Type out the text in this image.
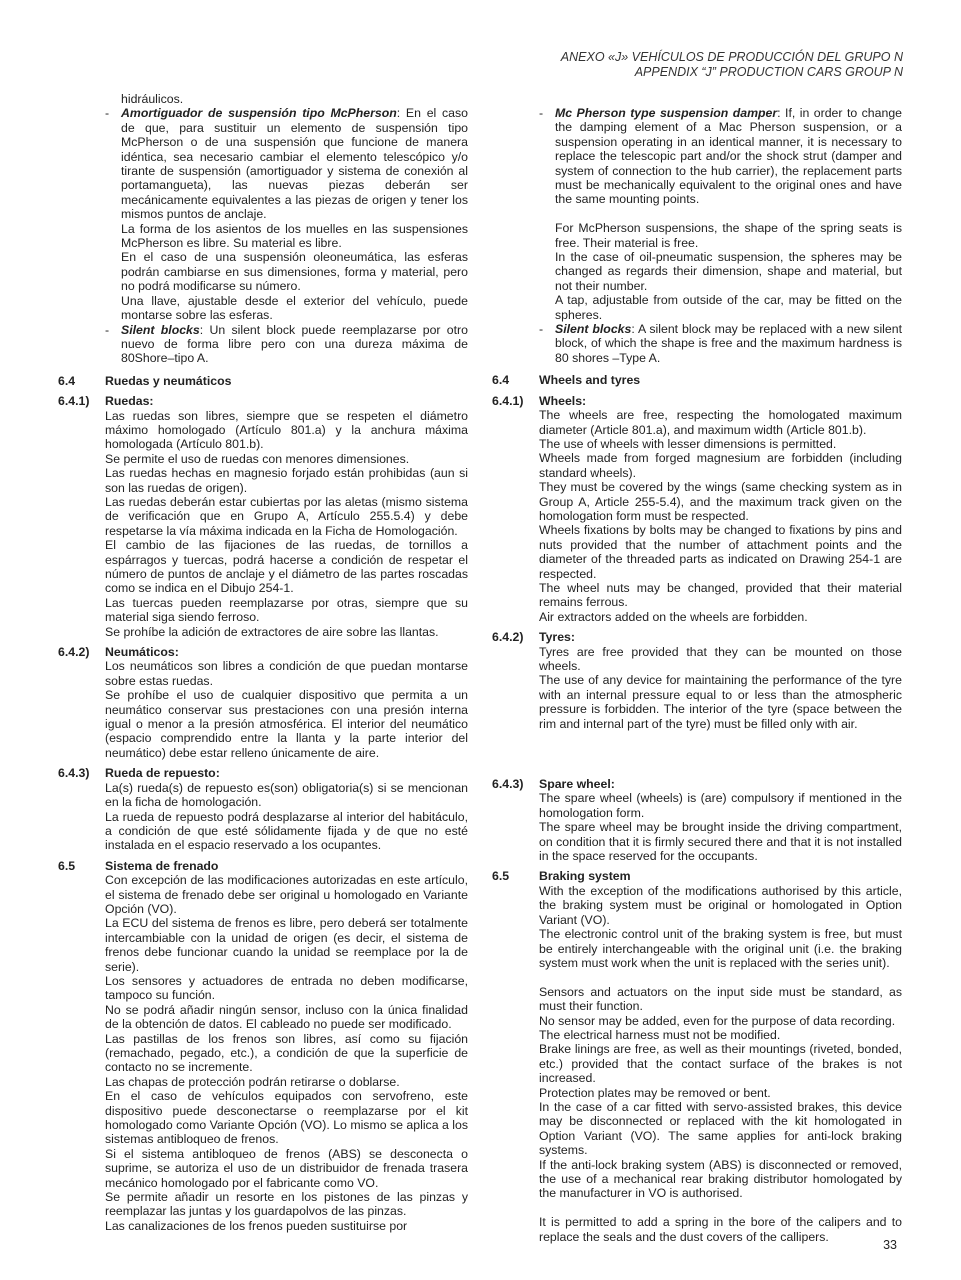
ANEXO «J» VEHÍCULOS DE PRODUCCIÓN DEL GRUPO N
APPENDIX “J” PRODUCTION CARS GROUP N

hidráulicos.

- Amortiguador de suspensión tipo McPherson: En el caso de que, para sustituir un elemento de suspensión tipo McPherson o de una suspensión que funcione de manera idéntica, sea necesario cambiar el elemento telescópico y/o tirante de suspensión (amortiguador y sistema de conexión al portamangueta), las nuevas piezas deberán ser mecánicamente equivalentes a las piezas de origen y tener los mismos puntos de anclaje.

La forma de los asientos de los muelles en las suspensiones McPherson es libre. Su material es libre.

En el caso de una suspensión oleoneumática, las esferas podrán cambiarse en sus dimensiones, forma y material, pero no podrá modificarse su número.

Una llave, ajustable desde el exterior del vehículo, puede montarse sobre las esferas.

- Silent blocks: Un silent block puede reemplazarse por otro nuevo de forma libre pero con una dureza máxima de 80Shore–tipo A.

6.4	Ruedas y neumáticos
6.4.1)	Ruedas:

Las ruedas son libres, siempre que se respeten el diámetro máximo homologado (Artículo 801.a) y la anchura máxima homologada (Artículo 801.b).

Se permite el uso de ruedas con menores dimensiones.

Las ruedas hechas en magnesio forjado están prohibidas (aun si son las ruedas de origen).

Las ruedas deberán estar cubiertas por las aletas (mismo sistema de verificación que en Grupo A, Artículo 255.5.4) y debe respetarse la vía máxima indicada en la Ficha de Homologación.

El cambio de las fijaciones de las ruedas, de tornillos a espárragos y tuercas, podrá hacerse a condición de respetar el número de puntos de anclaje y el diámetro de las partes roscadas como se indica en el Dibujo 254-1.

Las tuercas pueden reemplazarse por otras, siempre que su material siga siendo ferroso.

Se prohíbe la adición de extractores de aire sobre las llantas.

6.4.2)	Neumáticos:

Los neumáticos son libres a condición de que puedan montarse sobre estas ruedas.

Se prohíbe el uso de cualquier dispositivo que permita a un neumático conservar sus prestaciones con una presión interna igual o menor a la presión atmosférica. El interior del neumático (espacio comprendido entre la llanta y la parte interior del neumático) debe estar relleno únicamente de aire.

6.4.3)	Rueda de repuesto:

La(s) rueda(s) de repuesto es(son) obligatoria(s) si se mencionan en la ficha de homologación.

La rueda de repuesto podrá desplazarse al interior del habitáculo, a condición de que esté sólidamente fijada y de que no esté instalada en el espacio reservado a los ocupantes.

6.5	Sistema de frenado

Con excepción de las modificaciones autorizadas en este artículo, el sistema de frenado debe ser original u homologado en Variante Opción (VO).

La ECU del sistema de frenos es libre, pero deberá ser totalmente intercambiable con la unidad de origen (es decir, el sistema de frenos debe funcionar cuando la unidad se reemplace por la de serie).

Los sensores y actuadores de entrada no deben modificarse, tampoco su función.

No se podrá añadir ningún sensor, incluso con la única finalidad de la obtención de datos. El cableado no puede ser modificado.

Las pastillas de los frenos son libres, así como su fijación (remachado, pegado, etc.), a condición de que la superficie de contacto no se incremente.

Las chapas de protección podrán retirarse o doblarse.

En el caso de vehículos equipados con servofreno, este dispositivo puede desconectarse o reemplazarse por el kit homologado como Variante Opción (VO). Lo mismo se aplica a los sistemas antibloqueo de frenos.

Si el sistema antibloqueo de frenos (ABS) se desconecta o suprime, se autoriza el uso de un distribuidor de frenada trasera mecánico homologado por el fabricante como VO.

Se permite añadir un resorte en los pistones de las pinzas y reemplazar las juntas y los guardapolvos de las pinzas.

Las canalizaciones de los frenos pueden sustituirse por

- Mc Pherson type suspension damper: If, in order to change the damping element of a Mac Pherson suspension, or a suspension operating in an identical manner, it is necessary to replace the telescopic part and/or the shock strut (damper and system of connection to the hub carrier), the replacement parts must be mechanically equivalent to the original ones and have the same mounting points.

For McPherson suspensions, the shape of the spring seats is free. Their material is free.

In the case of oil-pneumatic suspension, the spheres may be changed as regards their dimension, shape and material, but not their number.

A tap, adjustable from outside of the car, may be fitted on the spheres.

- Silent blocks: A silent block may be replaced with a new silent block, of which the shape is free and the maximum hardness is 80 shores –Type A.

6.4	Wheels and tyres
6.4.1)	Wheels:

The wheels are free, respecting the homologated maximum diameter (Article 801.a), and maximum width (Article 801.b).

The use of wheels with lesser dimensions is permitted.

Wheels made from forged magnesium are forbidden (including standard wheels).

They must be covered by the wings (same checking system as in Group A, Article 255-5.4), and the maximum track given on the homologation form must be respected.

Wheels fixations by bolts may be changed to fixations by pins and nuts provided that the number of attachment points and the diameter of the threaded parts as indicated on Drawing 254-1 are respected.

The wheel nuts may be changed, provided that their material remains ferrous.

Air extractors added on the wheels are forbidden.

6.4.2)	Tyres:

Tyres are free provided that they can be mounted on those wheels.

The use of any device for maintaining the performance of the tyre with an internal pressure equal to or less than the atmospheric pressure is forbidden. The interior of the tyre (space between the rim and internal part of the tyre) must be filled only with air.

6.4.3)	Spare wheel:

The spare wheel (wheels) is (are) compulsory if mentioned in the homologation form.

The spare wheel may be brought inside the driving compartment, on condition that it is firmly secured there and that it is not installed in the space reserved for the occupants.

6.5	Braking system

With the exception of the modifications authorised by this article, the braking system must be original or homologated in Option Variant (VO).

The electronic control unit of the braking system is free, but must be entirely interchangeable with the original unit (i.e. the braking system must work when the unit is replaced with the series unit).

Sensors and actuators on the input side must be standard, as must their function.

No sensor may be added, even for the purpose of data recording.

The electrical harness must not be modified.

Brake linings are free, as well as their mountings (riveted, bonded, etc.) provided that the contact surface of the brakes is not increased.

Protection plates may be removed or bent.

In the case of a car fitted with servo-assisted brakes, this device may be disconnected or replaced with the kit homologated in Option Variant (VO). The same applies for anti-lock braking systems.

If the anti-lock braking system (ABS) is disconnected or removed, the use of a mechanical rear braking distributor homologated by the manufacturer in VO is authorised.

It is permitted to add a spring in the bore of the calipers and to replace the seals and the dust covers of the callipers.

33
